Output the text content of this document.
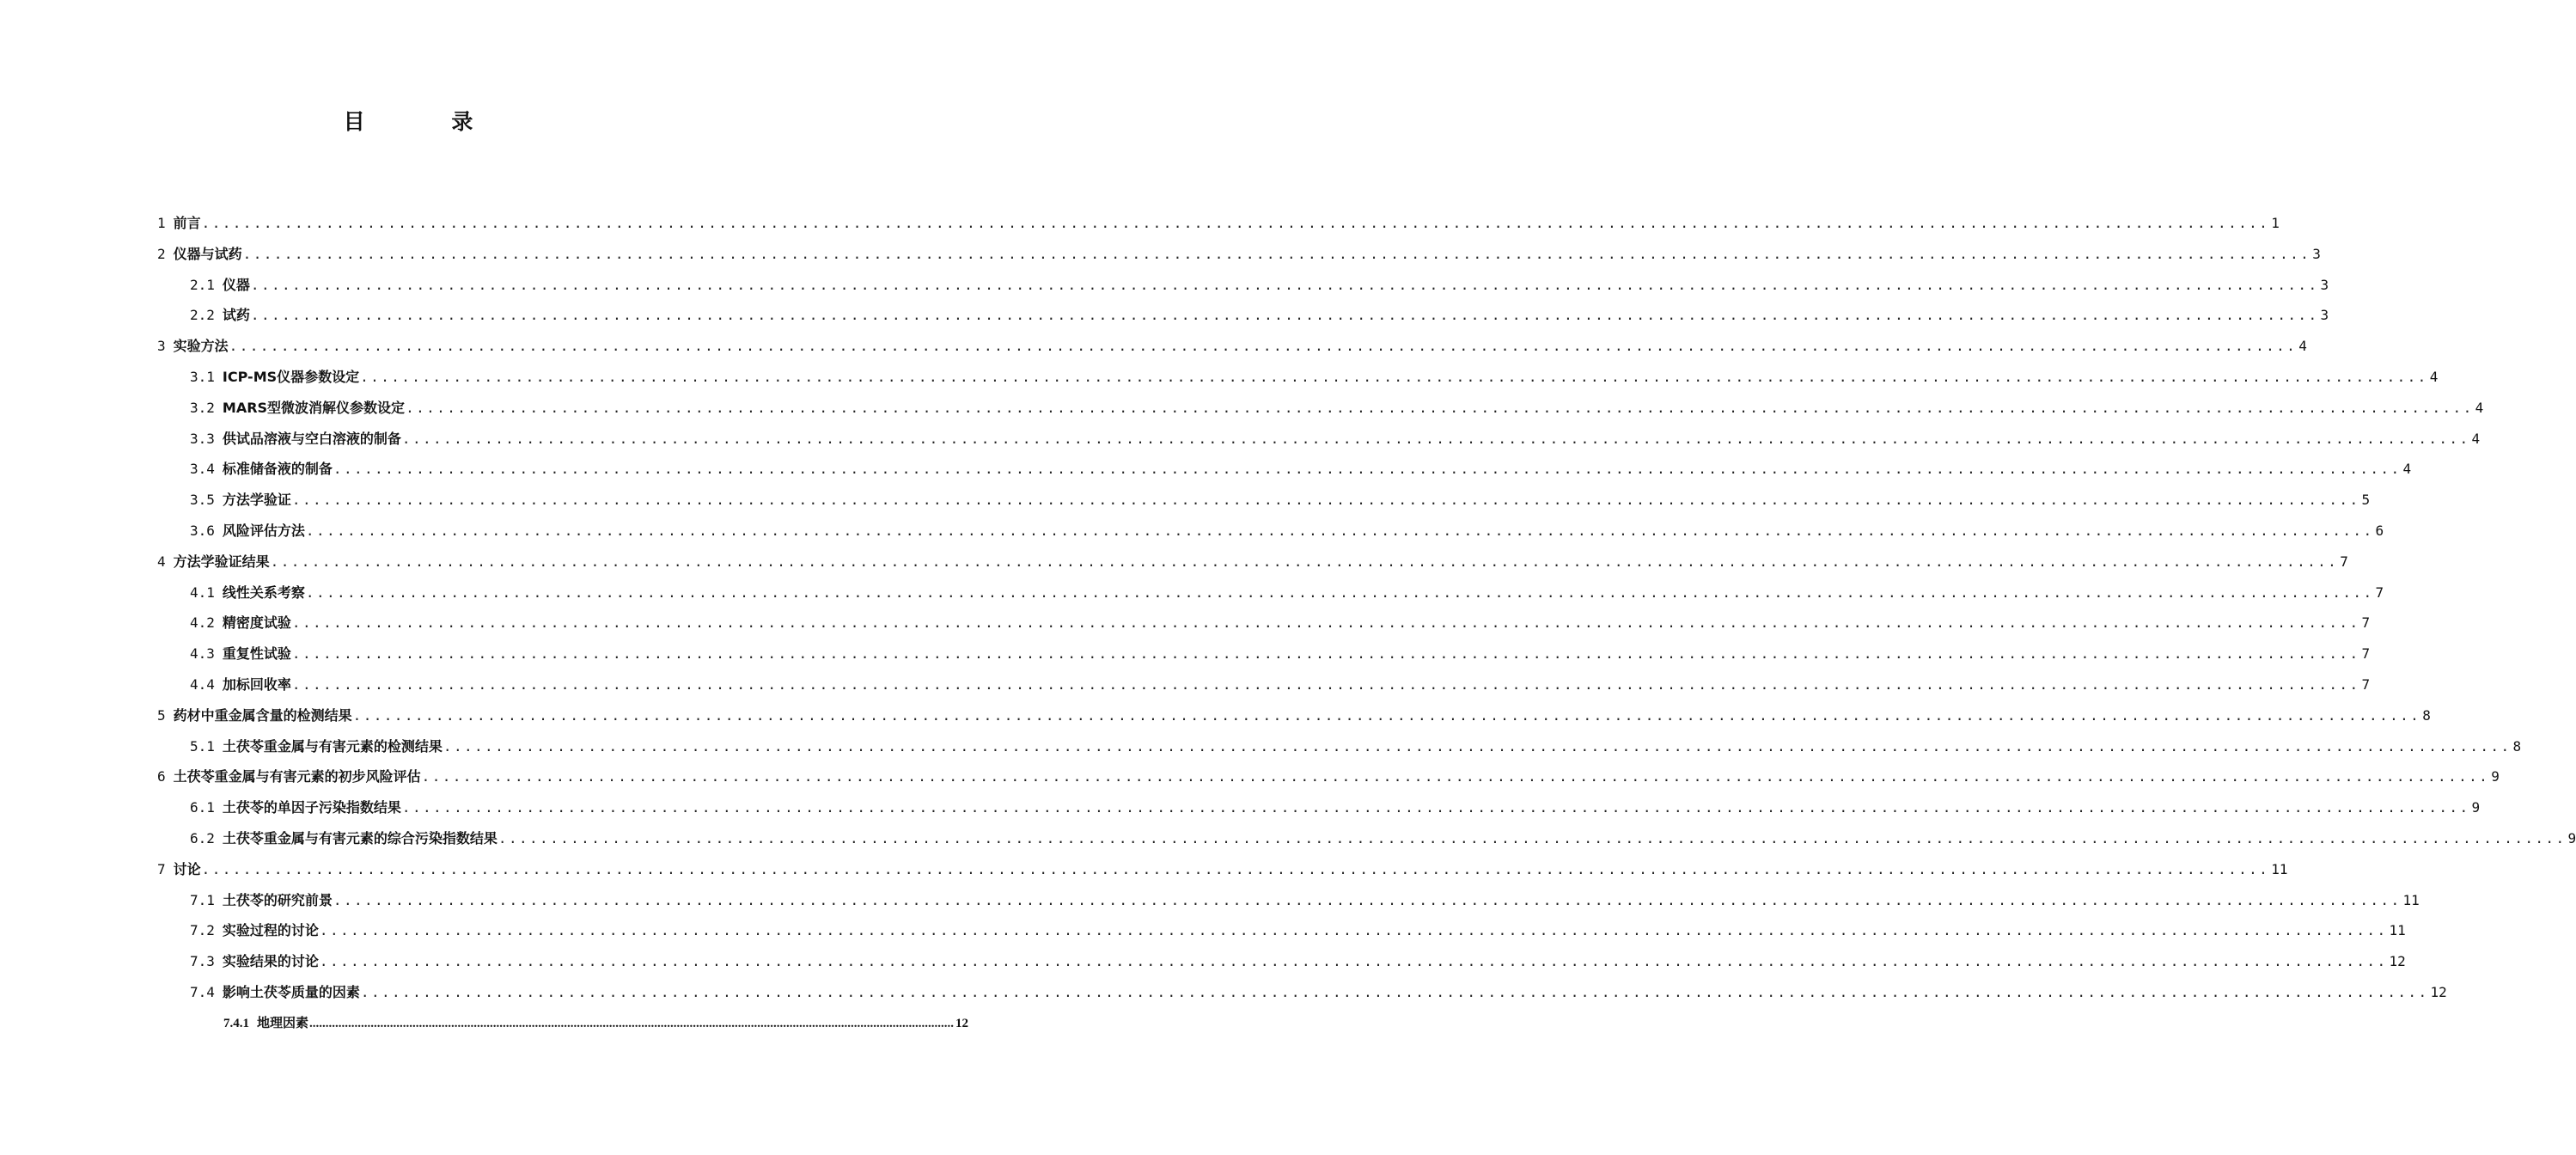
目 录
1 前言 ........................................................................................................................................................................................................ 1
2 仪器与试药 ........................................................................................................................................................................................................ 3
2.1 仪器 ........................................................................................................................................................................................................ 3
2.2 试药 ........................................................................................................................................................................................................ 3
3 实验方法 ........................................................................................................................................................................................................ 4
3.1 ICP-MS仪器参数设定 ........................................................................................................................................................................................................ 4
3.2 MARS型微波消解仪参数设定 ........................................................................................................................................................................................................ 4
3.3 供试品溶液与空白溶液的制备 ........................................................................................................................................................................................................ 4
3.4 标准储备液的制备 ........................................................................................................................................................................................................ 4
3.5 方法学验证 ........................................................................................................................................................................................................ 5
3.6 风险评估方法 ........................................................................................................................................................................................................ 6
4 方法学验证结果 ........................................................................................................................................................................................................ 7
4.1 线性关系考察 ........................................................................................................................................................................................................ 7
4.2 精密度试验 ........................................................................................................................................................................................................ 7
4.3 重复性试验 ........................................................................................................................................................................................................ 7
4.4 加标回收率 ........................................................................................................................................................................................................ 7
5 药材中重金属含量的检测结果 ........................................................................................................................................................................................................ 8
5.1 土茯苓重金属与有害元素的检测结果 ........................................................................................................................................................................................................ 8
6 土茯苓重金属与有害元素的初步风险评估 ........................................................................................................................................................................................................ 9
6.1 土茯苓的单因子污染指数结果 ........................................................................................................................................................................................................ 9
6.2 土茯苓重金属与有害元素的综合污染指数结果 ........................................................................................................................................................................................................ 9
7 讨论 ........................................................................................................................................................................................................ 11
7.1 土茯苓的研究前景 ........................................................................................................................................................................................................ 11
7.2 实验过程的讨论 ........................................................................................................................................................................................................ 11
7.3 实验结果的讨论 ........................................................................................................................................................................................................ 12
7.4 影响土茯苓质量的因素 ........................................................................................................................................................................................................ 12
7.4.1 地理因素 ........................................................................................................................................................................................................ 12
